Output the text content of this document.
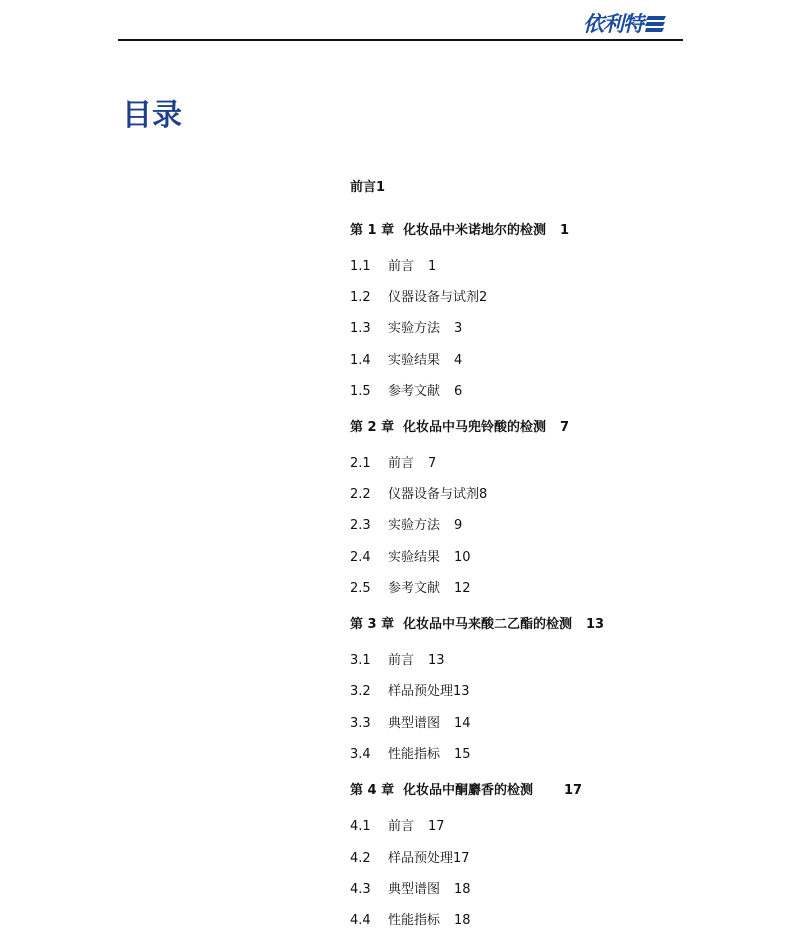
依利特
目录
前言 1
第 1 章 化妆品中米诺地尔的检测 1
1.1	前言 1
1.2	仪器设备与试剂 2
1.3	实验方法 3
1.4	实验结果 4
1.5	参考文献 6
第 2 章 化妆品中马兜铃酸的检测 7
2.1	前言 7
2.2	仪器设备与试剂 8
2.3	实验方法 9
2.4	实验结果 10
2.5	参考文献 12
第 3 章 化妆品中马来酸二乙酯的检测 13
3.1	前言 13
3.2	样品预处理 13
3.3	典型谱图 14
3.4	性能指标 15
第 4 章 化妆品中酮麝香的检测 17
4.1	前言 17
4.2	样品预处理 17
4.3	典型谱图 18
4.4	性能指标 18
